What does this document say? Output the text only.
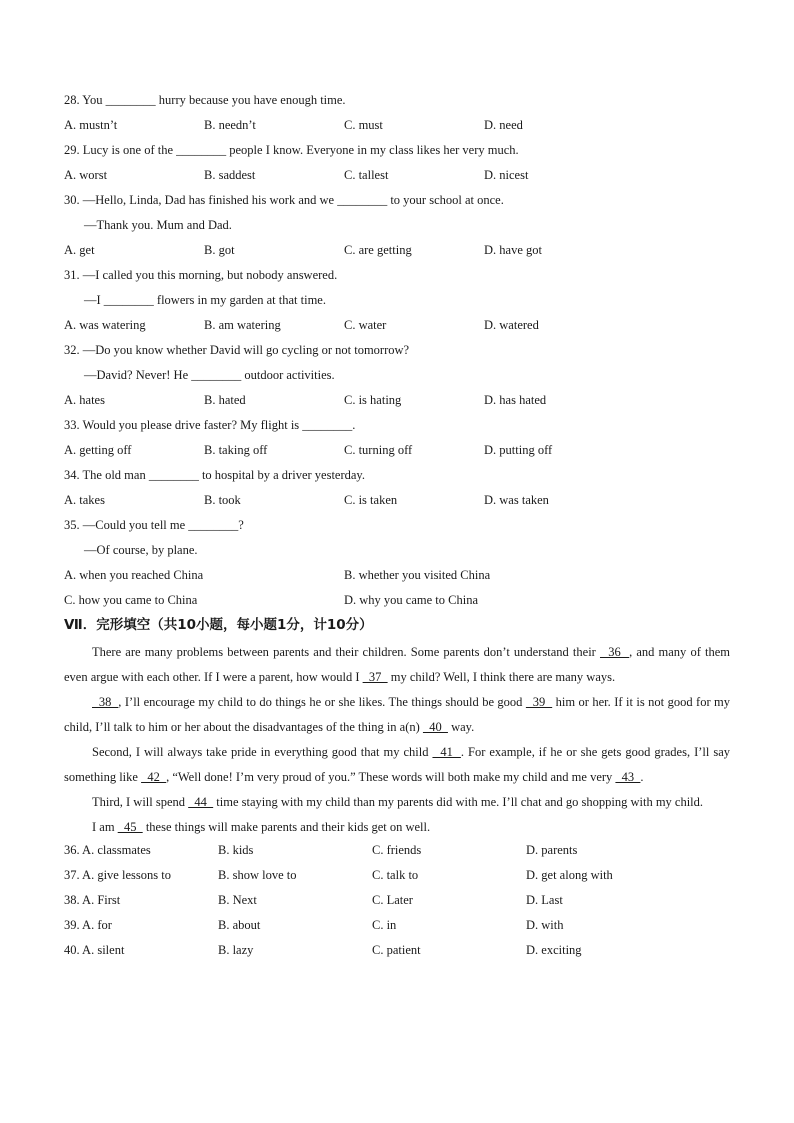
28. You ________ hurry because you have enough time.
A. mustn’t	B. needn’t	C. must	D. need
29. Lucy is one of the ________ people I know. Everyone in my class likes her very much.
A. worst	B. saddest	C. tallest	D. nicest
30. —Hello, Linda, Dad has finished his work and we ________ to your school at once.
—Thank you. Mum and Dad.
A. get	B. got	C. are getting	D. have got
31. —I called you this morning, but nobody answered.
—I ________ flowers in my garden at that time.
A. was watering	B. am watering	C. water	D. watered
32. —Do you know whether David will go cycling or not tomorrow?
—David? Never! He ________ outdoor activities.
A. hates	B. hated	C. is hating	D. has hated
33. Would you please drive faster? My flight is ________.
A. getting off	B. taking off	C. turning off	D. putting off
34. The old man ________ to hospital by a driver yesterday.
A. takes	B. took	C. is taken	D. was taken
35. —Could you tell me ________?
—Of course, by plane.
A. when you reached China	B. whether you visited China
C. how you came to China	D. why you came to China
Ⅶ．完形填空（共10小题，每小题1分，计10分）
There are many problems between parents and their children. Some parents don’t understand their   36  , and many of them even argue with each other. If I were a parent, how would I   37   my child? Well, I think there are many ways.
38  , I’ll encourage my child to do things he or she likes. The things should be good   39   him or her. If it is not good for my child, I’ll talk to him or her about the disadvantages of the thing in a(n)   40   way.
Second, I will always take pride in everything good that my child   41  . For example, if he or she gets good grades, I’ll say something like   42  , “Well done! I’m very proud of you.” These words will both make my child and me very   43  .
Third, I will spend   44   time staying with my child than my parents did with me. I’ll chat and go shopping with my child.
I am   45   these things will make parents and their kids get on well.
36. A. classmates	B. kids	C. friends	D. parents
37. A. give lessons to	B. show love to	C. talk to	D. get along with
38. A. First	B. Next	C. Later	D. Last
39. A. for	B. about	C. in	D. with
40. A. silent	B. lazy	C. patient	D. exciting
